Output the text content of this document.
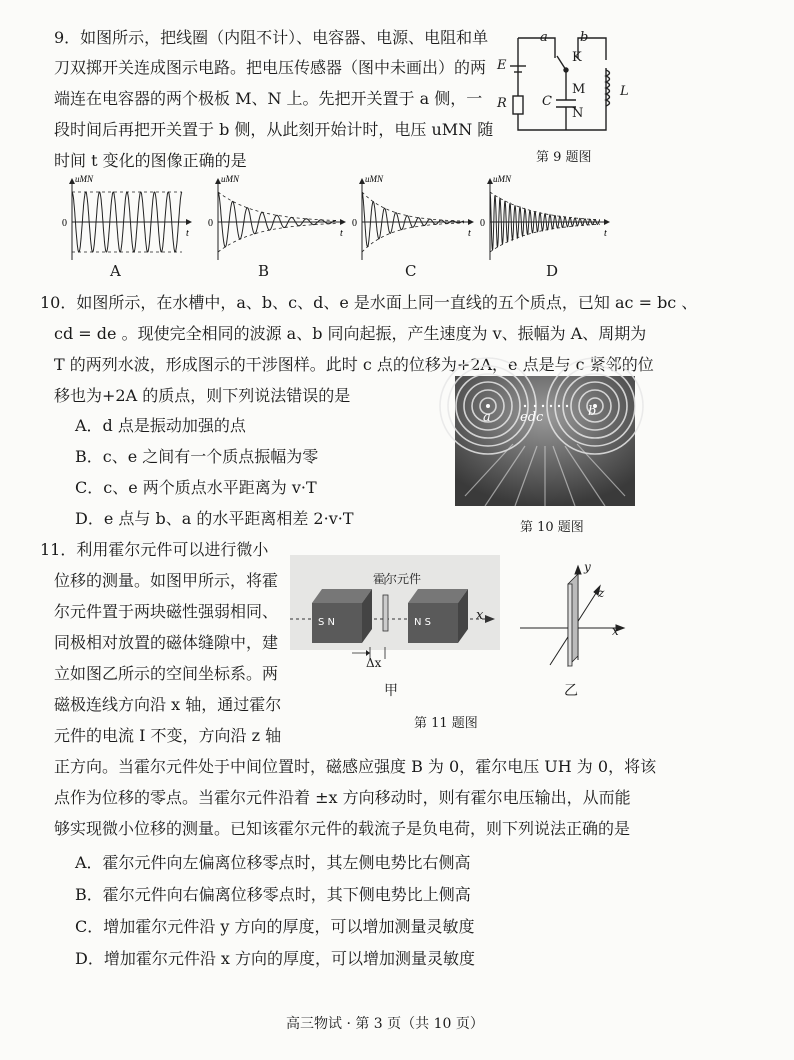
9．如图所示，把线圈（内阻不计）、电容器、电源、电阻和单
刀双掷开关连成图示电路。把电压传感器（图中未画出）的两
端连在电容器的两个极板 M、N 上。先把开关置于 a 侧，一
段时间后再把开关置于 b 侧，从此刻开始计时，电压 uMN 随
时间 t 变化的图像正确的是
a b
K
E
M
C
N
R
L
第 9 题图
uMN
t
0
uMN
t
0
uMN
t
0
uMN
t
0
A	B	C	D
10．如图所示，在水槽中，a、b、c、d、e 是水面上同一直线的五个质点，已知 ac = bc 、
cd = de 。现使完全相同的波源 a、b 同向起振，产生速度为 v、振幅为 A、周期为
T 的两列水波，形成图示的干涉图样。此时 c 点的位移为+2A，e 点是与 c 紧邻的位
移也为+2A 的质点，则下列说法错误的是
a edc	b
A．d 点是振动加强的点
B．c、e 之间有一个质点振幅为零
C．c、e 两个质点水平距离为 v·T
D．e 点与 b、a 的水平距离相差 2·v·T	第 10 题图
11．利用霍尔元件可以进行微小
位移的测量。如图甲所示，将霍
尔元件置于两块磁性强弱相同、
同极相对放置的磁体缝隙中，建
立如图乙所示的空间坐标系。两
磁极连线方向沿 x 轴，通过霍尔
元件的电流 I 不变，方向沿 z 轴
霍尔元件
S N	N S	x
Δx
甲
y
z
x
乙
第 11 题图
正方向。当霍尔元件处于中间位置时，磁感应强度 B 为 0，霍尔电压 UH 为 0，将该
点作为位移的零点。当霍尔元件沿着 ±x 方向移动时，则有霍尔电压输出，从而能
够实现微小位移的测量。已知该霍尔元件的载流子是负电荷，则下列说法正确的是
A．霍尔元件向左偏离位移零点时，其左侧电势比右侧高
B．霍尔元件向右偏离位移零点时，其下侧电势比上侧高
C．增加霍尔元件沿 y 方向的厚度，可以增加测量灵敏度
D．增加霍尔元件沿 x 方向的厚度，可以增加测量灵敏度
高三物试 · 第 3 页（共 10 页）
